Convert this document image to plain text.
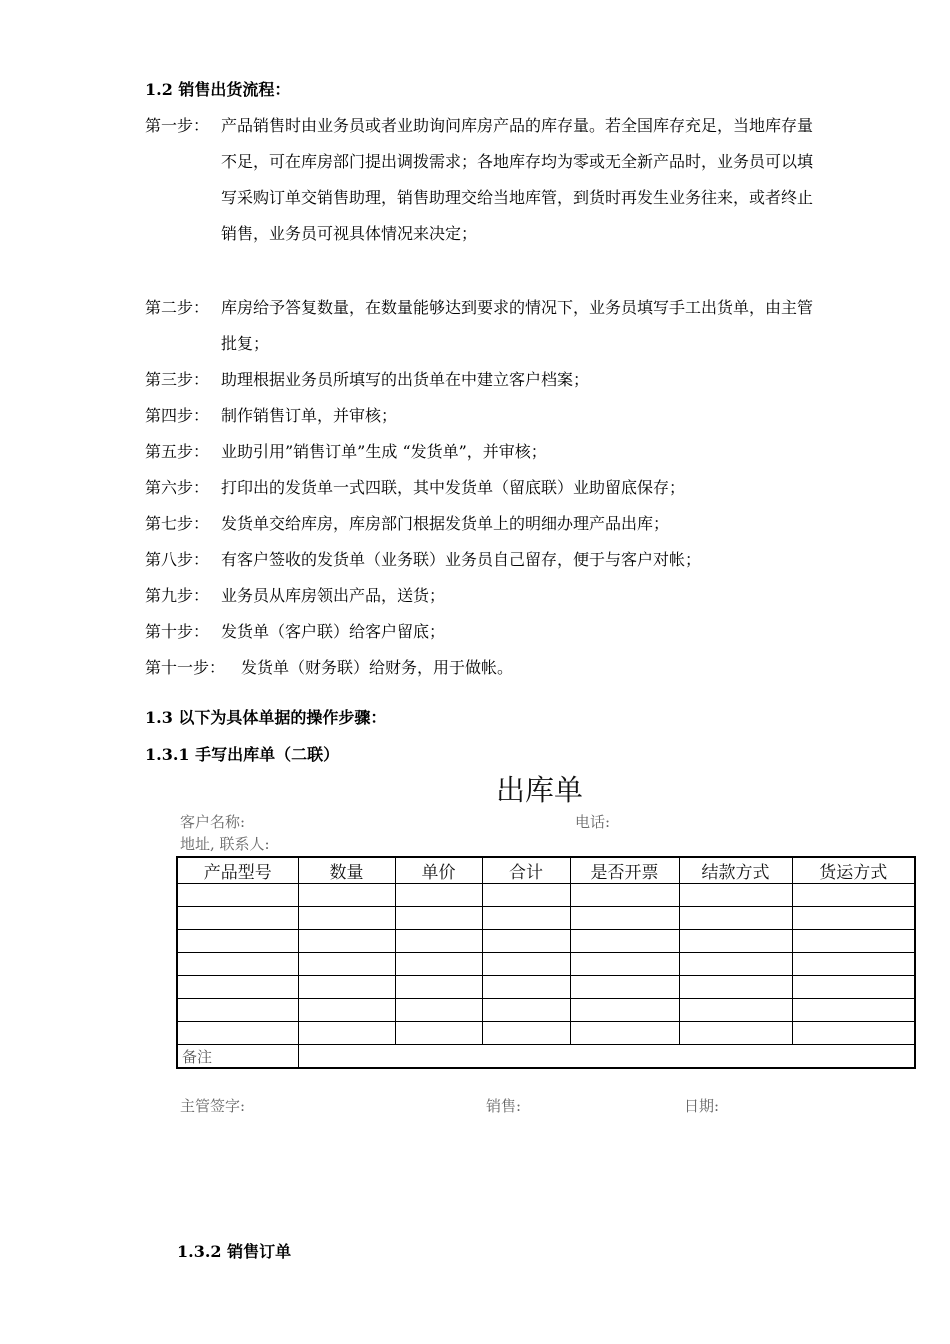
1.2 销售出货流程：
第一步： 产品销售时由业务员或者业助询问库房产品的库存量。若全国库存充足，当地库存量不足，可在库房部门提出调拨需求；各地库存均为零或无全新产品时，业务员可以填写采购订单交销售助理，销售助理交给当地库管，到货时再发生业务往来，或者终止销售，业务员可视具体情况来决定；
第二步： 库房给予答复数量，在数量能够达到要求的情况下，业务员填写手工出货单，由主管批复；
第三步： 助理根据业务员所填写的出货单在中建立客户档案；
第四步： 制作销售订单，并审核；
第五步： 业助引用”销售订单”生成 “发货单”，并审核；
第六步： 打印出的发货单一式四联，其中发货单（留底联）业助留底保存；
第七步： 发货单交给库房，库房部门根据发货单上的明细办理产品出库；
第八步： 有客户签收的发货单（业务联）业务员自己留存，便于与客户对帐；
第九步： 业务员从库房领出产品，送货；
第十步： 发货单（客户联）给客户留底；
第十一步： 发货单（财务联）给财务，用于做帐。
1.3 以下为具体单据的操作步骤：
1.3.1 手写出库单（二联）
出库单
客户名称:	电话:
地址, 联系人:
产品型号	数量	单价	合计	是否开票	结款方式	货运方式

备注						
主管签字:	销售:	日期:
1.3.2 销售订单
